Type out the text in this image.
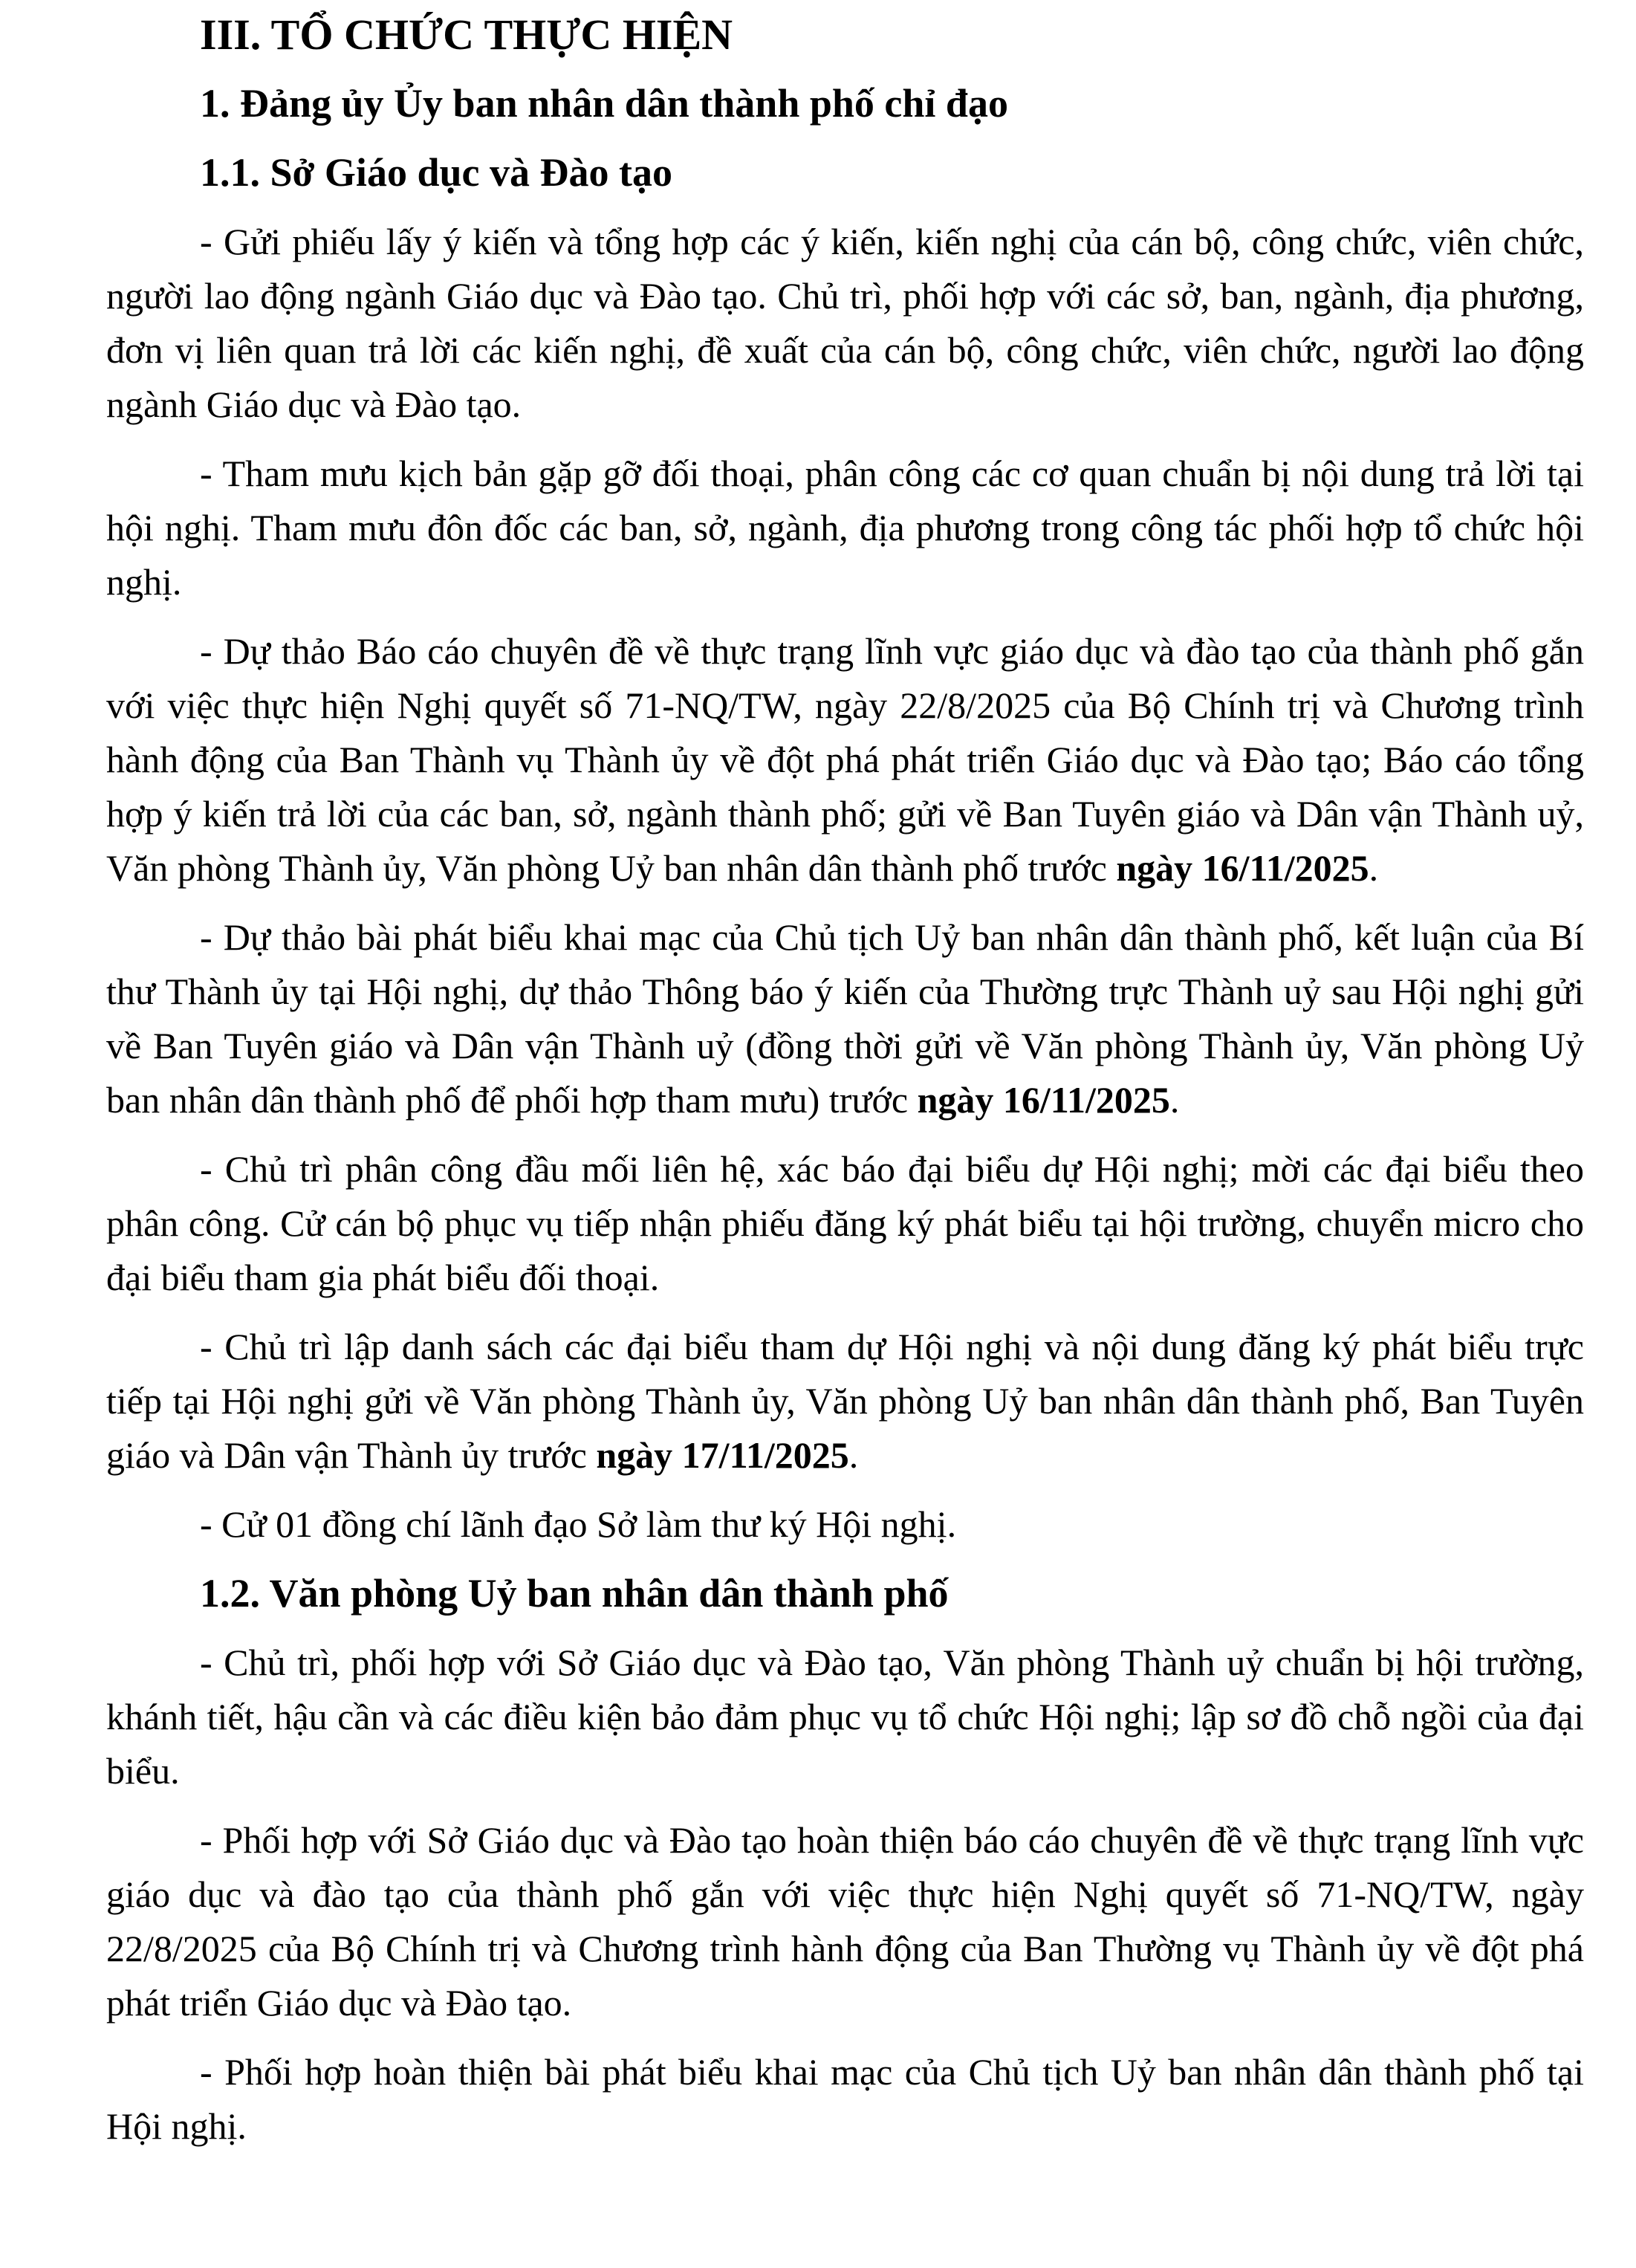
III. TỔ CHỨC THỰC HIỆN
1. Đảng ủy Ủy ban nhân dân thành phố chỉ đạo
1.1. Sở Giáo dục và Đào tạo

- Gửi phiếu lấy ý kiến và tổng hợp các ý kiến, kiến nghị của cán bộ, công chức, viên chức, người lao động ngành Giáo dục và Đào tạo. Chủ trì, phối hợp với các sở, ban, ngành, địa phương, đơn vị liên quan trả lời các kiến nghị, đề xuất của cán bộ, công chức, viên chức, người lao động ngành Giáo dục và Đào tạo.

- Tham mưu kịch bản gặp gỡ đối thoại, phân công các cơ quan chuẩn bị nội dung trả lời tại hội nghị. Tham mưu đôn đốc các ban, sở, ngành, địa phương trong công tác phối hợp tổ chức hội nghị.

- Dự thảo Báo cáo chuyên đề về thực trạng lĩnh vực giáo dục và đào tạo của thành phố gắn với việc thực hiện Nghị quyết số 71-NQ/TW, ngày 22/8/2025 của Bộ Chính trị và Chương trình hành động của Ban Thành vụ Thành ủy về đột phá phát triển Giáo dục và Đào tạo; Báo cáo tổng hợp ý kiến trả lời của các ban, sở, ngành thành phố; gửi về Ban Tuyên giáo và Dân vận Thành uỷ, Văn phòng Thành ủy, Văn phòng Uỷ ban nhân dân thành phố trước ngày 16/11/2025.

- Dự thảo bài phát biểu khai mạc của Chủ tịch Uỷ ban nhân dân thành phố, kết luận của Bí thư Thành ủy tại Hội nghị, dự thảo Thông báo ý kiến của Thường trực Thành uỷ sau Hội nghị gửi về Ban Tuyên giáo và Dân vận Thành uỷ (đồng thời gửi về Văn phòng Thành ủy, Văn phòng Uỷ ban nhân dân thành phố để phối hợp tham mưu) trước ngày 16/11/2025.

- Chủ trì phân công đầu mối liên hệ, xác báo đại biểu dự Hội nghị; mời các đại biểu theo phân công. Cử cán bộ phục vụ tiếp nhận phiếu đăng ký phát biểu tại hội trường, chuyển micro cho đại biểu tham gia phát biểu đối thoại.

- Chủ trì lập danh sách các đại biểu tham dự Hội nghị và nội dung đăng ký phát biểu trực tiếp tại Hội nghị gửi về Văn phòng Thành ủy, Văn phòng Uỷ ban nhân dân thành phố, Ban Tuyên giáo và Dân vận Thành ủy trước ngày 17/11/2025.

- Cử 01 đồng chí lãnh đạo Sở làm thư ký Hội nghị.

1.2. Văn phòng Uỷ ban nhân dân thành phố

- Chủ trì, phối hợp với Sở Giáo dục và Đào tạo, Văn phòng Thành uỷ chuẩn bị hội trường, khánh tiết, hậu cần và các điều kiện bảo đảm phục vụ tổ chức Hội nghị; lập sơ đồ chỗ ngồi của đại biểu.

- Phối hợp với Sở Giáo dục và Đào tạo hoàn thiện báo cáo chuyên đề về thực trạng lĩnh vực giáo dục và đào tạo của thành phố gắn với việc thực hiện Nghị quyết số 71-NQ/TW, ngày 22/8/2025 của Bộ Chính trị và Chương trình hành động của Ban Thường vụ Thành ủy về đột phá phát triển Giáo dục và Đào tạo.

- Phối hợp hoàn thiện bài phát biểu khai mạc của Chủ tịch Uỷ ban nhân dân thành phố tại Hội nghị.
